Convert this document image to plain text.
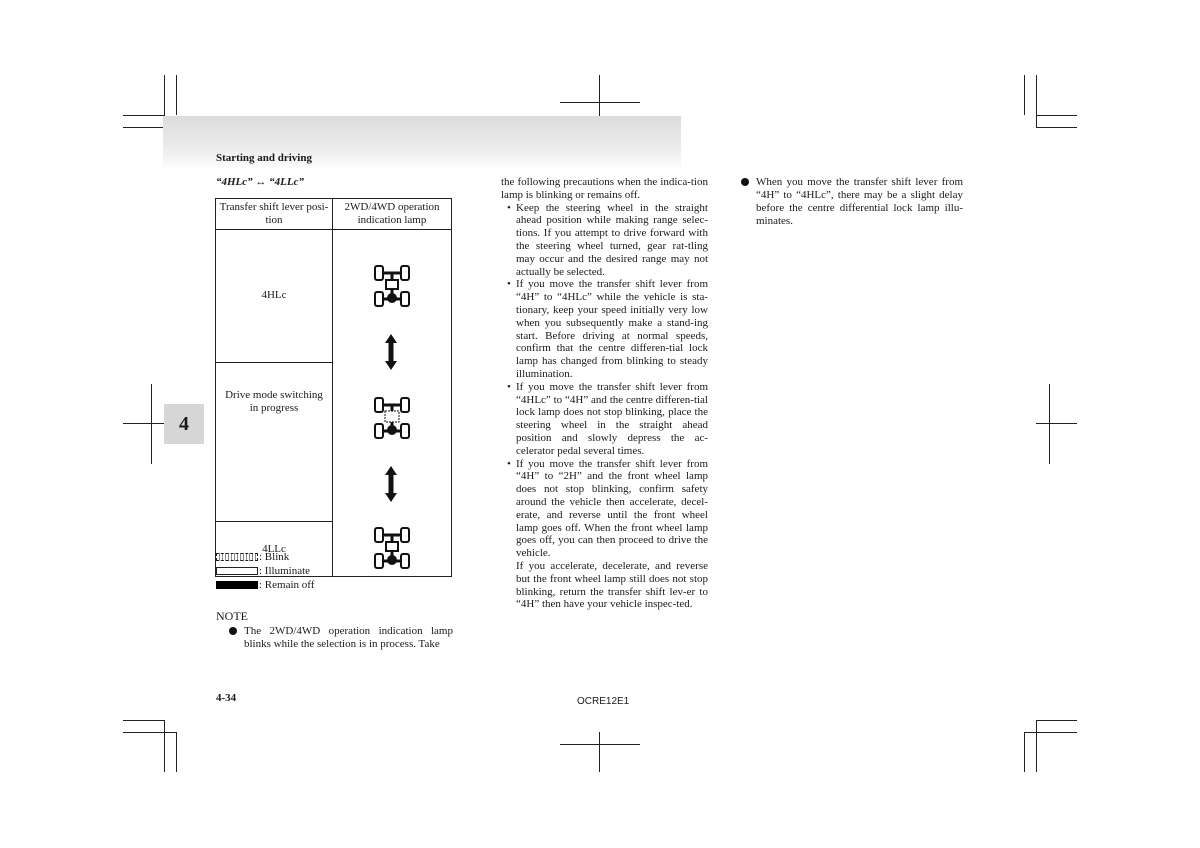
Starting and driving
“4HLc” ↔ “4LLc”
4
Transfer shift lever posi-
tion	2WD/4WD operation
indication lamp
4HLc	

Drive mode switching
in progress	
4LLc	
: Blink
: Illuminate
: Remain off
NOTE
The 2WD/4WD operation indication lamp blinks while the selection is in process. Take

the following precautions when the indica-tion lamp is blinking or remains off.

• Keep the steering wheel in the straight ahead position while making range selec-tions. If you attempt to drive forward with the steering wheel turned, gear rat-tling may occur and the desired range may not actually be selected.
• If you move the transfer shift lever from “4H” to “4HLc” while the vehicle is sta-tionary, keep your speed initially very low when you subsequently make a stand-ing start. Before driving at normal speeds, confirm that the centre differen-tial lock lamp has changed from blinking to steady illumination.
• If you move the transfer shift lever from “4HLc” to “4H” and the centre differen-tial lock lamp does not stop blinking, place the steering wheel in the straight ahead position and slowly depress the ac-celerator pedal several times.
• If you move the transfer shift lever from “4H” to “2H” and the front wheel lamp does not stop blinking, confirm safety around the vehicle then accelerate, decel-erate, and reverse until the front wheel lamp goes off. When the front wheel lamp goes off, you can then proceed to drive the vehicle.
If you accelerate, decelerate, and reverse but the front wheel lamp still does not stop blinking, return the transfer shift lev-er to “4H” then have your vehicle inspec-ted.
When you move the transfer shift lever from “4H” to “4HLc”, there may be a slight delay before the centre differential lock lamp illu-minates.
4-34	OCRE12E1
